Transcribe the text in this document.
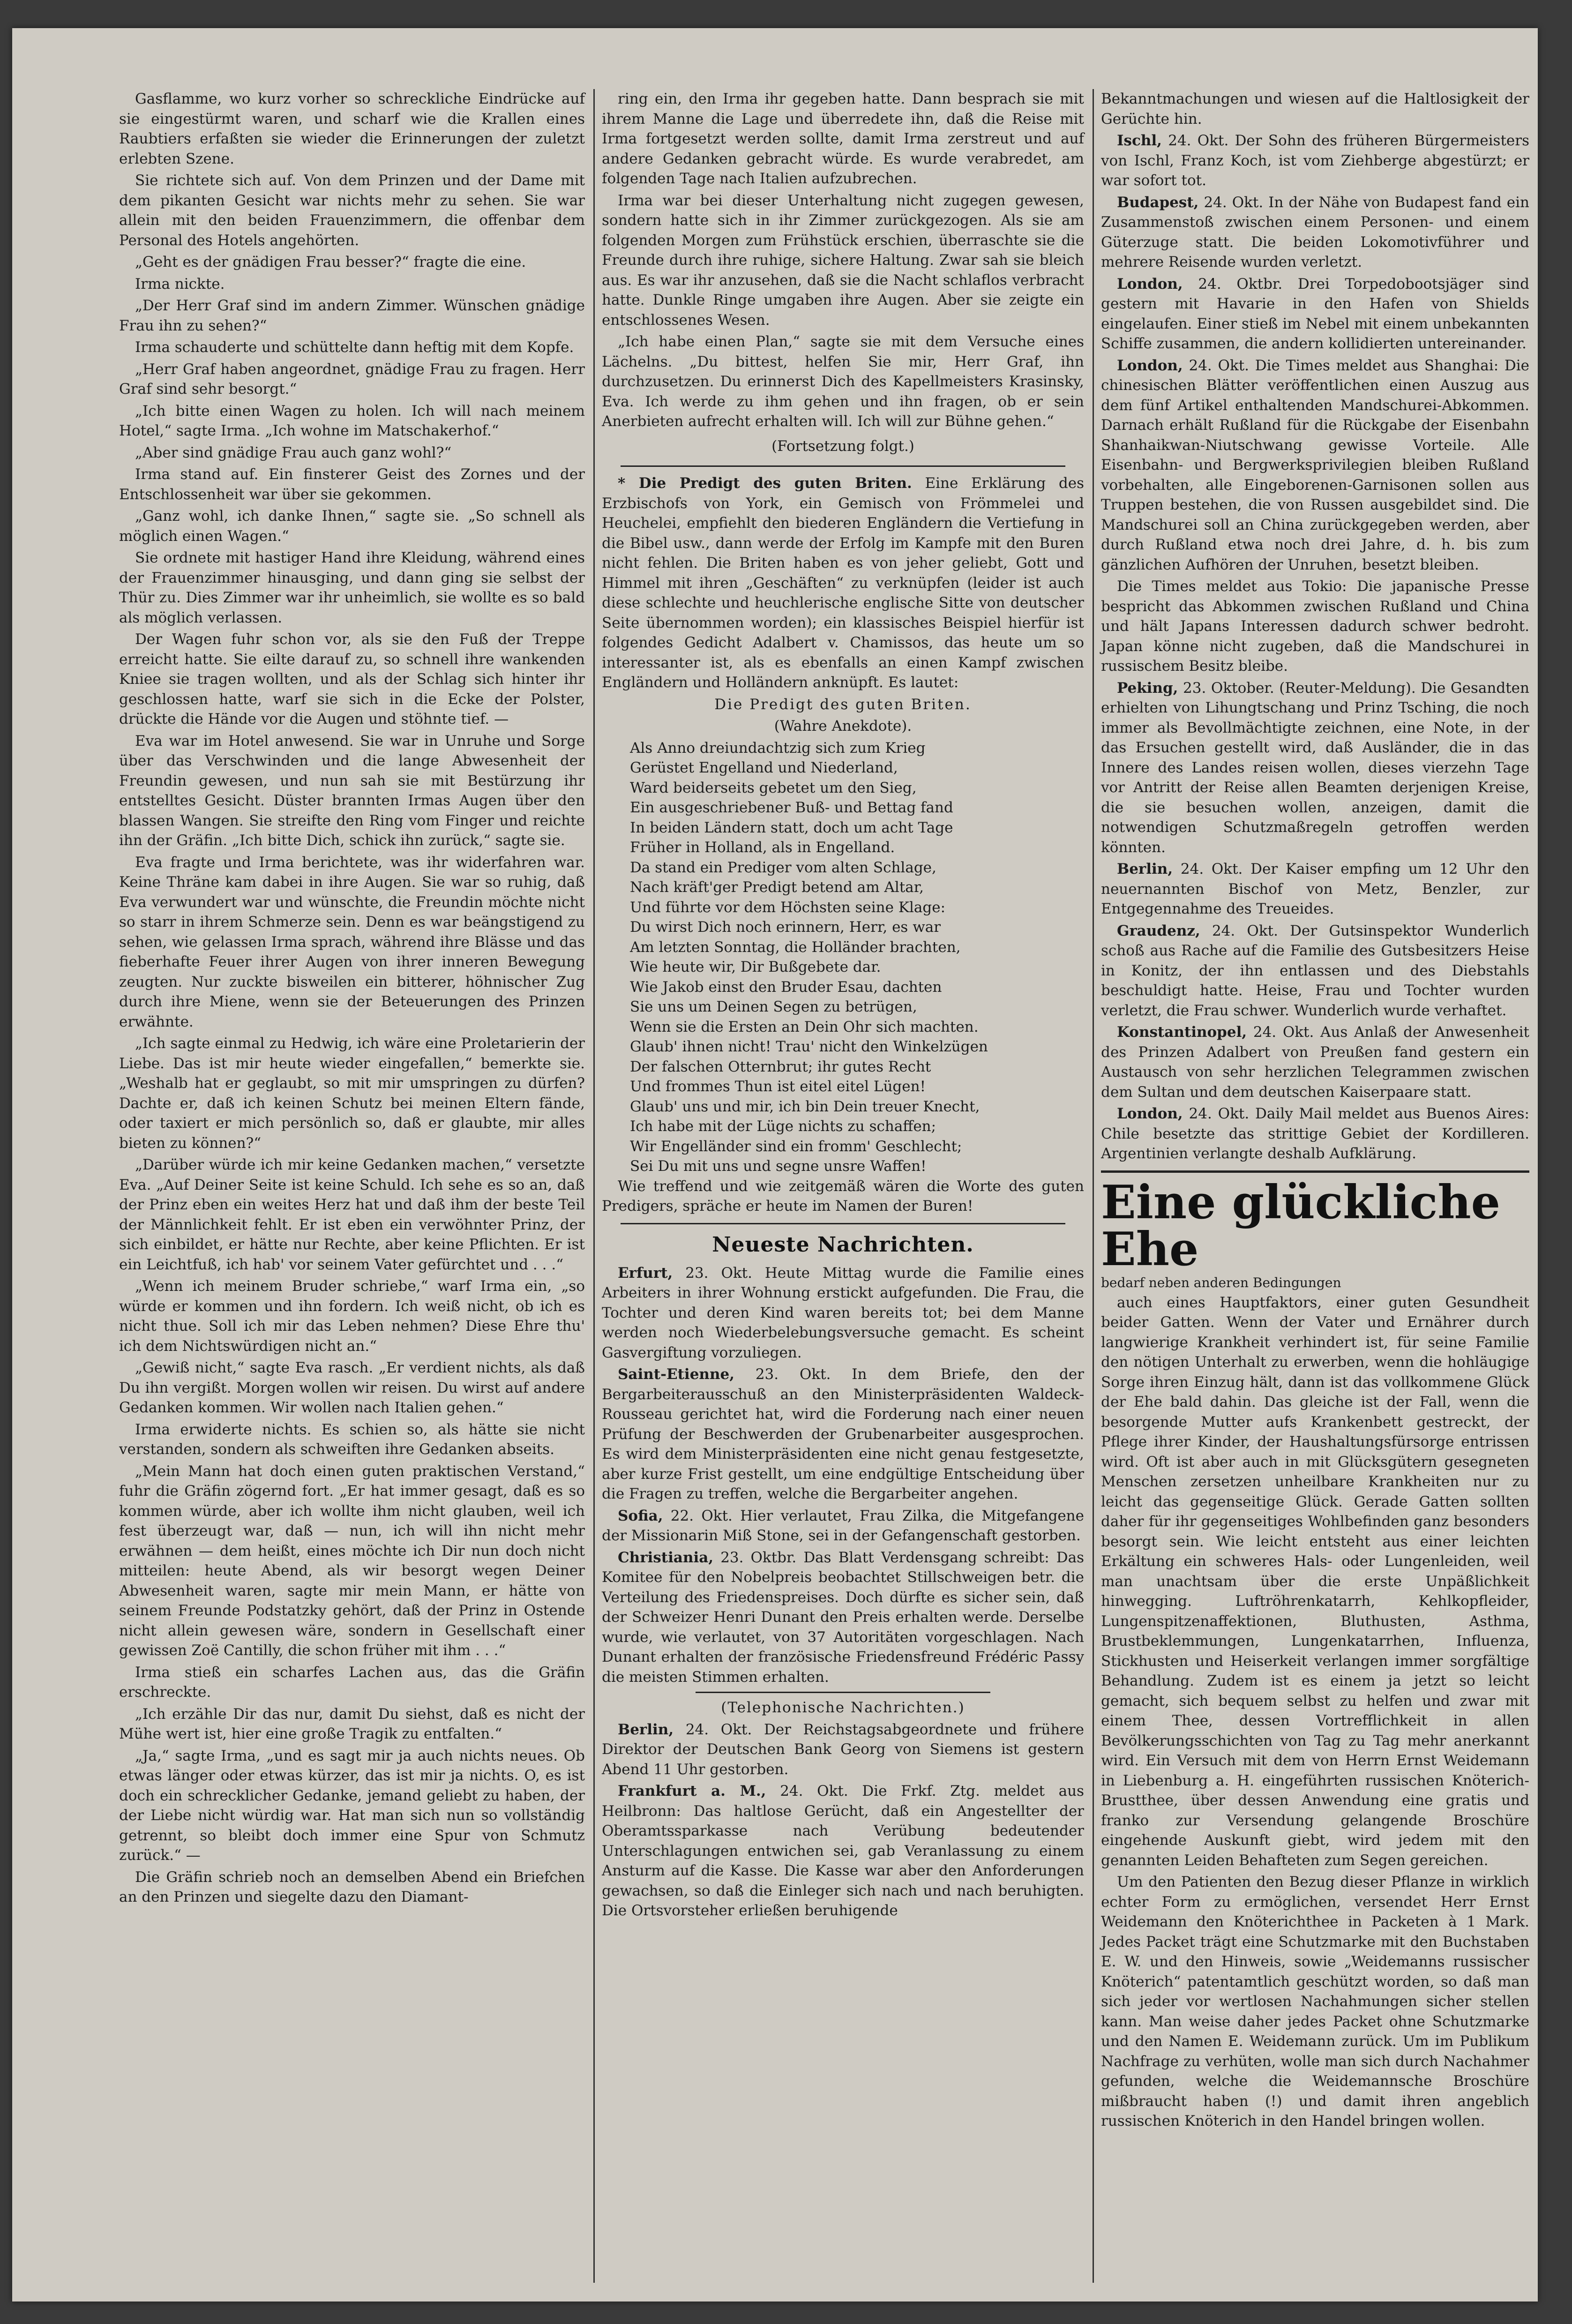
Gasflamme, wo kurz vorher so schreckliche Eindrücke auf sie eingestürmt waren, und scharf wie die Krallen eines Raubtiers erfaßten sie wieder die Erinnerungen der zuletzt erlebten Szene.

Sie richtete sich auf. Von dem Prinzen und der Dame mit dem pikanten Gesicht war nichts mehr zu sehen. Sie war allein mit den beiden Frauenzimmern, die offenbar dem Personal des Hotels angehörten.

„Geht es der gnädigen Frau besser?“ fragte die eine.

Irma nickte.

„Der Herr Graf sind im andern Zimmer. Wünschen gnädige Frau ihn zu sehen?“

Irma schauderte und schüttelte dann heftig mit dem Kopfe.

„Herr Graf haben angeordnet, gnädige Frau zu fragen. Herr Graf sind sehr besorgt.“

„Ich bitte einen Wagen zu holen. Ich will nach meinem Hotel,“ sagte Irma. „Ich wohne im Matschakerhof.“

„Aber sind gnädige Frau auch ganz wohl?“

Irma stand auf. Ein finsterer Geist des Zornes und der Entschlossenheit war über sie gekommen.

„Ganz wohl, ich danke Ihnen,“ sagte sie. „So schnell als möglich einen Wagen.“

Sie ordnete mit hastiger Hand ihre Kleidung, während eines der Frauenzimmer hinausging, und dann ging sie selbst der Thür zu. Dies Zimmer war ihr unheimlich, sie wollte es so bald als möglich verlassen.

Der Wagen fuhr schon vor, als sie den Fuß der Treppe erreicht hatte. Sie eilte darauf zu, so schnell ihre wankenden Kniee sie tragen wollten, und als der Schlag sich hinter ihr geschlossen hatte, warf sie sich in die Ecke der Polster, drückte die Hände vor die Augen und stöhnte tief. —

Eva war im Hotel anwesend. Sie war in Unruhe und Sorge über das Verschwinden und die lange Abwesenheit der Freundin gewesen, und nun sah sie mit Bestürzung ihr entstelltes Gesicht. Düster brannten Irmas Augen über den blassen Wangen. Sie streifte den Ring vom Finger und reichte ihn der Gräfin. „Ich bitte Dich, schick ihn zurück,“ sagte sie.

Eva fragte und Irma berichtete, was ihr widerfahren war. Keine Thräne kam dabei in ihre Augen. Sie war so ruhig, daß Eva verwundert war und wünschte, die Freundin möchte nicht so starr in ihrem Schmerze sein. Denn es war beängstigend zu sehen, wie gelassen Irma sprach, während ihre Blässe und das fieberhafte Feuer ihrer Augen von ihrer inneren Bewegung zeugten. Nur zuckte bisweilen ein bitterer, höhnischer Zug durch ihre Miene, wenn sie der Beteuerungen des Prinzen erwähnte.

„Ich sagte einmal zu Hedwig, ich wäre eine Proletarierin der Liebe. Das ist mir heute wieder eingefallen,“ bemerkte sie. „Weshalb hat er geglaubt, so mit mir umspringen zu dürfen? Dachte er, daß ich keinen Schutz bei meinen Eltern fände, oder taxiert er mich persönlich so, daß er glaubte, mir alles bieten zu können?“

„Darüber würde ich mir keine Gedanken machen,“ versetzte Eva. „Auf Deiner Seite ist keine Schuld. Ich sehe es so an, daß der Prinz eben ein weites Herz hat und daß ihm der beste Teil der Männlichkeit fehlt. Er ist eben ein verwöhnter Prinz, der sich einbildet, er hätte nur Rechte, aber keine Pflichten. Er ist ein Leichtfuß, ich hab' vor seinem Vater gefürchtet und . . .“

„Wenn ich meinem Bruder schriebe,“ warf Irma ein, „so würde er kommen und ihn fordern. Ich weiß nicht, ob ich es nicht thue. Soll ich mir das Leben nehmen? Diese Ehre thu' ich dem Nichtswürdigen nicht an.“

„Gewiß nicht,“ sagte Eva rasch. „Er verdient nichts, als daß Du ihn vergißt. Morgen wollen wir reisen. Du wirst auf andere Gedanken kommen. Wir wollen nach Italien gehen.“

Irma erwiderte nichts. Es schien so, als hätte sie nicht verstanden, sondern als schweiften ihre Gedanken abseits.

„Mein Mann hat doch einen guten praktischen Verstand,“ fuhr die Gräfin zögernd fort. „Er hat immer gesagt, daß es so kommen würde, aber ich wollte ihm nicht glauben, weil ich fest überzeugt war, daß — nun, ich will ihn nicht mehr erwähnen — dem heißt, eines möchte ich Dir nun doch nicht mitteilen: heute Abend, als wir besorgt wegen Deiner Abwesenheit waren, sagte mir mein Mann, er hätte von seinem Freunde Podstatzky gehört, daß der Prinz in Ostende nicht allein gewesen wäre, sondern in Gesellschaft einer gewissen Zoë Cantilly, die schon früher mit ihm . . .“

Irma stieß ein scharfes Lachen aus, das die Gräfin erschreckte.

„Ich erzähle Dir das nur, damit Du siehst, daß es nicht der Mühe wert ist, hier eine große Tragik zu entfalten.“

„Ja,“ sagte Irma, „und es sagt mir ja auch nichts neues. Ob etwas länger oder etwas kürzer, das ist mir ja nichts. O, es ist doch ein schrecklicher Gedanke, jemand geliebt zu haben, der der Liebe nicht würdig war. Hat man sich nun so vollständig getrennt, so bleibt doch immer eine Spur von Schmutz zurück.“ —

Die Gräfin schrieb noch an demselben Abend ein Briefchen an den Prinzen und siegelte dazu den Diamant-

ring ein, den Irma ihr gegeben hatte. Dann besprach sie mit ihrem Manne die Lage und überredete ihn, daß die Reise mit Irma fortgesetzt werden sollte, damit Irma zerstreut und auf andere Gedanken gebracht würde. Es wurde verabredet, am folgenden Tage nach Italien aufzubrechen.

Irma war bei dieser Unterhaltung nicht zugegen gewesen, sondern hatte sich in ihr Zimmer zurückgezogen. Als sie am folgenden Morgen zum Frühstück erschien, überraschte sie die Freunde durch ihre ruhige, sichere Haltung. Zwar sah sie bleich aus. Es war ihr anzusehen, daß sie die Nacht schlaflos verbracht hatte. Dunkle Ringe umgaben ihre Augen. Aber sie zeigte ein entschlossenes Wesen.

„Ich habe einen Plan,“ sagte sie mit dem Versuche eines Lächelns. „Du bittest, helfen Sie mir, Herr Graf, ihn durchzusetzen. Du erinnerst Dich des Kapellmeisters Krasinsky, Eva. Ich werde zu ihm gehen und ihn fragen, ob er sein Anerbieten aufrecht erhalten will. Ich will zur Bühne gehen.“

(Fortsetzung folgt.)

* Die Predigt des guten Briten. Eine Erklärung des Erzbischofs von York, ein Gemisch von Frömmelei und Heuchelei, empfiehlt den biederen Engländern die Vertiefung in die Bibel usw., dann werde der Erfolg im Kampfe mit den Buren nicht fehlen. Die Briten haben es von jeher geliebt, Gott und Himmel mit ihren „Geschäften“ zu verknüpfen (leider ist auch diese schlechte und heuchlerische englische Sitte von deutscher Seite übernommen worden); ein klassisches Beispiel hierfür ist folgendes Gedicht Adalbert v. Chamissos, das heute um so interessanter ist, als es ebenfalls an einen Kampf zwischen Engländern und Holländern anknüpft. Es lautet:

Die Predigt des guten Briten.

(Wahre Anekdote).

Als Anno dreiundachtzig sich zum Krieg
Gerüstet Engelland und Niederland,
Ward beiderseits gebetet um den Sieg,
Ein ausgeschriebener Buß- und Bettag fand
In beiden Ländern statt, doch um acht Tage
Früher in Holland, als in Engelland.
Da stand ein Prediger vom alten Schlage,
Nach kräft'ger Predigt betend am Altar,
Und führte vor dem Höchsten seine Klage:
Du wirst Dich noch erinnern, Herr, es war
Am letzten Sonntag, die Holländer brachten,
Wie heute wir, Dir Bußgebete dar.
Wie Jakob einst den Bruder Esau, dachten
Sie uns um Deinen Segen zu betrügen,
Wenn sie die Ersten an Dein Ohr sich machten.
Glaub' ihnen nicht! Trau' nicht den Winkelzügen
Der falschen Otternbrut; ihr gutes Recht
Und frommes Thun ist eitel eitel Lügen!
Glaub' uns und mir, ich bin Dein treuer Knecht,
Ich habe mit der Lüge nichts zu schaffen;
Wir Engelländer sind ein fromm' Geschlecht;
Sei Du mit uns und segne unsre Waffen!

Wie treffend und wie zeitgemäß wären die Worte des guten Predigers, spräche er heute im Namen der Buren!

Neueste Nachrichten.

Erfurt, 23. Okt. Heute Mittag wurde die Familie eines Arbeiters in ihrer Wohnung erstickt aufgefunden. Die Frau, die Tochter und deren Kind waren bereits tot; bei dem Manne werden noch Wiederbelebungsversuche gemacht. Es scheint Gasvergiftung vorzuliegen.

Saint-Etienne, 23. Okt. In dem Briefe, den der Bergarbeiterausschuß an den Ministerpräsidenten Waldeck-Rousseau gerichtet hat, wird die Forderung nach einer neuen Prüfung der Beschwerden der Grubenarbeiter ausgesprochen. Es wird dem Ministerpräsidenten eine nicht genau festgesetzte, aber kurze Frist gestellt, um eine endgültige Entscheidung über die Fragen zu treffen, welche die Bergarbeiter angehen.

Sofia, 22. Okt. Hier verlautet, Frau Zilka, die Mitgefangene der Missionarin Miß Stone, sei in der Gefangenschaft gestorben.

Christiania, 23. Oktbr. Das Blatt Verdensgang schreibt: Das Komitee für den Nobelpreis beobachtet Stillschweigen betr. die Verteilung des Friedenspreises. Doch dürfte es sicher sein, daß der Schweizer Henri Dunant den Preis erhalten werde. Derselbe wurde, wie verlautet, von 37 Autoritäten vorgeschlagen. Nach Dunant erhalten der französische Friedensfreund Frédéric Passy die meisten Stimmen erhalten.

(Telephonische Nachrichten.)

Berlin, 24. Okt. Der Reichstagsabgeordnete und frühere Direktor der Deutschen Bank Georg von Siemens ist gestern Abend 11 Uhr gestorben.

Frankfurt a. M., 24. Okt. Die Frkf. Ztg. meldet aus Heilbronn: Das haltlose Gerücht, daß ein Angestellter der Oberamtssparkasse nach Verübung bedeutender Unterschlagungen entwichen sei, gab Veranlassung zu einem Ansturm auf die Kasse. Die Kasse war aber den Anforderungen gewachsen, so daß die Einleger sich nach und nach beruhigten. Die Ortsvorsteher erließen beruhigende

Bekanntmachungen und wiesen auf die Haltlosigkeit der Gerüchte hin.

Ischl, 24. Okt. Der Sohn des früheren Bürgermeisters von Ischl, Franz Koch, ist vom Ziehberge abgestürzt; er war sofort tot.

Budapest, 24. Okt. In der Nähe von Budapest fand ein Zusammenstoß zwischen einem Personen- und einem Güterzuge statt. Die beiden Lokomotivführer und mehrere Reisende wurden verletzt.

London, 24. Oktbr. Drei Torpedobootsjäger sind gestern mit Havarie in den Hafen von Shields eingelaufen. Einer stieß im Nebel mit einem unbekannten Schiffe zusammen, die andern kollidierten untereinander.

London, 24. Okt. Die Times meldet aus Shanghai: Die chinesischen Blätter veröffentlichen einen Auszug aus dem fünf Artikel enthaltenden Mandschurei-Abkommen. Darnach erhält Rußland für die Rückgabe der Eisenbahn Shanhaikwan-Niutschwang gewisse Vorteile. Alle Eisenbahn- und Bergwerksprivilegien bleiben Rußland vorbehalten, alle Eingeborenen-Garnisonen sollen aus Truppen bestehen, die von Russen ausgebildet sind. Die Mandschurei soll an China zurückgegeben werden, aber durch Rußland etwa noch drei Jahre, d. h. bis zum gänzlichen Aufhören der Unruhen, besetzt bleiben.

Die Times meldet aus Tokio: Die japanische Presse bespricht das Abkommen zwischen Rußland und China und hält Japans Interessen dadurch schwer bedroht. Japan könne nicht zugeben, daß die Mandschurei in russischem Besitz bleibe.

Peking, 23. Oktober. (Reuter-Meldung). Die Gesandten erhielten von Lihungtschang und Prinz Tsching, die noch immer als Bevollmächtigte zeichnen, eine Note, in der das Ersuchen gestellt wird, daß Ausländer, die in das Innere des Landes reisen wollen, dieses vierzehn Tage vor Antritt der Reise allen Beamten derjenigen Kreise, die sie besuchen wollen, anzeigen, damit die notwendigen Schutzmaßregeln getroffen werden könnten.

Berlin, 24. Okt. Der Kaiser empfing um 12 Uhr den neuernannten Bischof von Metz, Benzler, zur Entgegennahme des Treueides.

Graudenz, 24. Okt. Der Gutsinspektor Wunderlich schoß aus Rache auf die Familie des Gutsbesitzers Heise in Konitz, der ihn entlassen und des Diebstahls beschuldigt hatte. Heise, Frau und Tochter wurden verletzt, die Frau schwer. Wunderlich wurde verhaftet.

Konstantinopel, 24. Okt. Aus Anlaß der Anwesenheit des Prinzen Adalbert von Preußen fand gestern ein Austausch von sehr herzlichen Telegrammen zwischen dem Sultan und dem deutschen Kaiserpaare statt.

London, 24. Okt. Daily Mail meldet aus Buenos Aires: Chile besetzte das strittige Gebiet der Kordilleren. Argentinien verlangte deshalb Aufklärung.

Eine glückliche Ehe

bedarf neben anderen Bedingungen

auch eines Hauptfaktors, einer guten Gesundheit beider Gatten. Wenn der Vater und Ernährer durch langwierige Krankheit verhindert ist, für seine Familie den nötigen Unterhalt zu erwerben, wenn die hohläugige Sorge ihren Einzug hält, dann ist das vollkommene Glück der Ehe bald dahin. Das gleiche ist der Fall, wenn die besorgende Mutter aufs Krankenbett gestreckt, der Pflege ihrer Kinder, der Haushaltungsfürsorge entrissen wird. Oft ist aber auch in mit Glücksgütern gesegneten Menschen zersetzen unheilbare Krankheiten nur zu leicht das gegenseitige Glück. Gerade Gatten sollten daher für ihr gegenseitiges Wohlbefinden ganz besonders besorgt sein. Wie leicht entsteht aus einer leichten Erkältung ein schweres Hals- oder Lungenleiden, weil man unachtsam über die erste Unpäßlichkeit hinwegging. Luftröhrenkatarrh, Kehlkopfleider, Lungenspitzenaffektionen, Bluthusten, Asthma, Brustbeklemmungen, Lungenkatarrhen, Influenza, Stickhusten und Heiserkeit verlangen immer sorgfältige Behandlung. Zudem ist es einem ja jetzt so leicht gemacht, sich bequem selbst zu helfen und zwar mit einem Thee, dessen Vortrefflichkeit in allen Bevölkerungsschichten von Tag zu Tag mehr anerkannt wird. Ein Versuch mit dem von Herrn Ernst Weidemann in Liebenburg a. H. eingeführten russischen Knöterich-Brustthee, über dessen Anwendung eine gratis und franko zur Versendung gelangende Broschüre eingehende Auskunft giebt, wird jedem mit den genannten Leiden Behafteten zum Segen gereichen.

Um den Patienten den Bezug dieser Pflanze in wirklich echter Form zu ermöglichen, versendet Herr Ernst Weidemann den Knöterichthee in Packeten à 1 Mark. Jedes Packet trägt eine Schutzmarke mit den Buchstaben E. W. und den Hinweis, sowie „Weidemanns russischer Knöterich“ patentamtlich geschützt worden, so daß man sich jeder vor wertlosen Nachahmungen sicher stellen kann. Man weise daher jedes Packet ohne Schutzmarke und den Namen E. Weidemann zurück. Um im Publikum Nachfrage zu verhüten, wolle man sich durch Nachahmer gefunden, welche die Weidemannsche Broschüre mißbraucht haben (!) und damit ihren angeblich russischen Knöterich in den Handel bringen wollen.
